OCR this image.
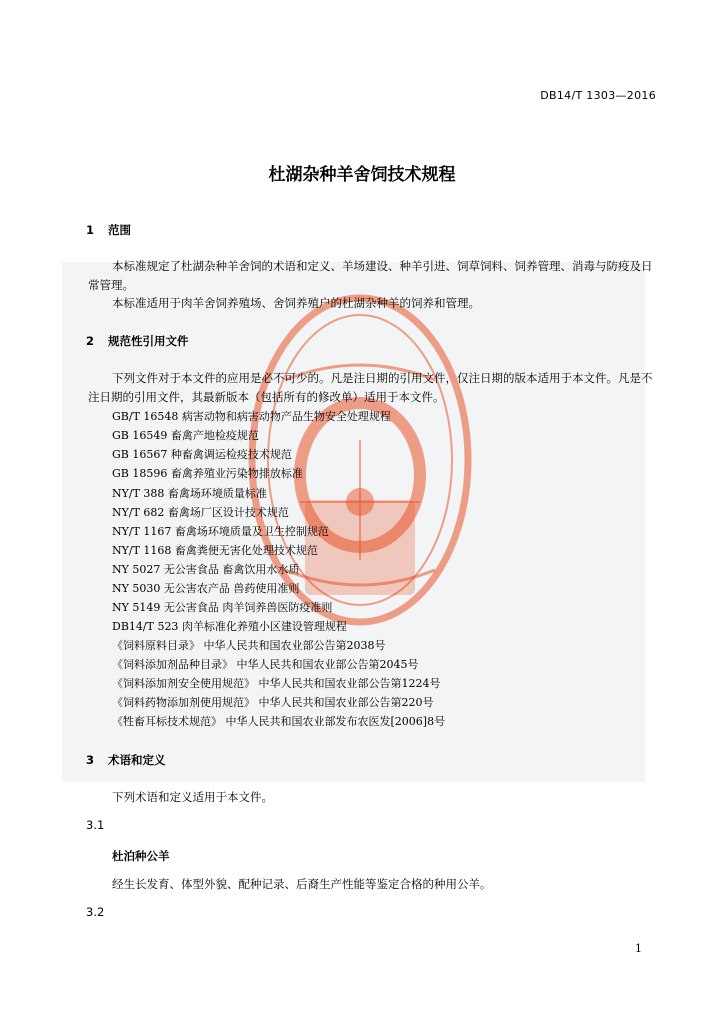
DB14/T 1303—2016
杜湖杂种羊舍饲技术规程
1 范围
本标准规定了杜湖杂种羊舍饲的术语和定义、羊场建设、种羊引进、饲草饲料、饲养管理、消毒与防疫及日常管理。
本标准适用于肉羊舍饲养殖场、舍饲养殖户的杜湖杂种羊的饲养和管理。
2 规范性引用文件
下列文件对于本文件的应用是必不可少的。凡是注日期的引用文件，仅注日期的版本适用于本文件。凡是不注日期的引用文件，其最新版本（包括所有的修改单）适用于本文件。
GB/T 16548 病害动物和病害动物产品生物安全处理规程
GB 16549 畜禽产地检疫规范
GB 16567 种畜禽调运检疫技术规范
GB 18596 畜禽养殖业污染物排放标准
NY/T 388 畜禽场环境质量标准
NY/T 682 畜禽场厂区设计技术规范
NY/T 1167 畜禽场环境质量及卫生控制规范
NY/T 1168 畜禽粪便无害化处理技术规范
NY 5027 无公害食品 畜禽饮用水水质
NY 5030 无公害农产品 兽药使用准则
NY 5149 无公害食品 肉羊饲养兽医防疫准则
DB14/T 523 肉羊标准化养殖小区建设管理规程
《饲料原料目录》 中华人民共和国农业部公告第2038号
《饲料添加剂品种目录》 中华人民共和国农业部公告第2045号
《饲料添加剂安全使用规范》 中华人民共和国农业部公告第1224号
《饲料药物添加剂使用规范》 中华人民共和国农业部公告第220号
《牲畜耳标技术规范》 中华人民共和国农业部发布农医发[2006]8号
3 术语和定义
下列术语和定义适用于本文件。
3.1
杜泊种公羊
经生长发育、体型外貌、配种记录、后裔生产性能等鉴定合格的种用公羊。
3.2
1
